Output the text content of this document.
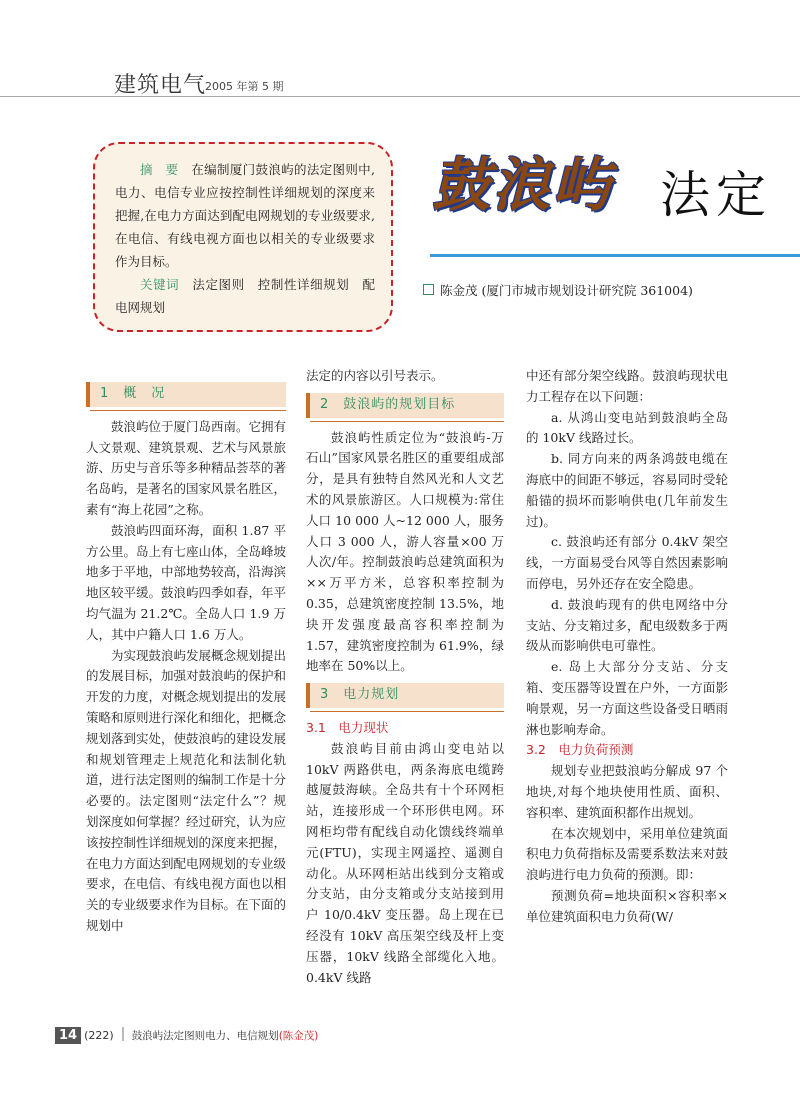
建筑电气
2005 年第 5 期
摘　要　 在编制厦门鼓浪屿的法定图则中,电力、电信专业应按控制性详细规划的深度来把握,在电力方面达到配电网规划的专业级要求,在电信、有线电视方面也以相关的专业级要求作为目标。
关键词　 法定图则　控制性详细规划　配电网规划
鼓浪屿 法定
陈金茂 (厦门市城市规划设计研究院 361004)
1　概　况

鼓浪屿位于厦门岛西南。它拥有人文景观、建筑景观、艺术与风景旅游、历史与音乐等多种精品荟萃的著名岛屿，是著名的国家风景名胜区，素有“海上花园”之称。

鼓浪屿四面环海，面积 1.87 平方公里。岛上有七座山体，全岛峰坡地多于平地，中部地势较高，沿海滨地区较平缓。鼓浪屿四季如春，年平均气温为 21.2℃。全岛人口 1.9 万人，其中户籍人口 1.6 万人。

为实现鼓浪屿发展概念规划提出的发展目标，加强对鼓浪屿的保护和开发的力度，对概念规划提出的发展策略和原则进行深化和细化，把概念规划落到实处，使鼓浪屿的建设发展和规划管理走上规范化和法制化轨道，进行法定图则的编制工作是十分必要的。法定图则“法定什么”？规划深度如何掌握？经过研究，认为应该按控制性详细规划的深度来把握，在电力方面达到配电网规划的专业级要求，在电信、有线电视方面也以相关的专业级要求作为目标。在下面的规划中

法定的内容以引号表示。

2　鼓浪屿的规划目标

鼓浪屿性质定位为“鼓浪屿-万石山”国家风景名胜区的重要组成部分，是具有独特自然风光和人文艺术的风景旅游区。人口规模为:常住人口 10 000 人~12 000 人，服务人口 3 000 人，游人容量×00 万人次/年。控制鼓浪屿总建筑面积为××万平方米，总容积率控制为 0.35，总建筑密度控制 13.5%，地块开发强度最高容积率控制为 1.57，建筑密度控制为 61.9%，绿地率在 50%以上。

3　电力规划

3.1　电力现状

鼓浪屿目前由鸿山变电站以 10kV 两路供电，两条海底电缆跨越厦鼓海峡。全岛共有十个环网柜站，连接形成一个环形供电网。环网柜均带有配线自动化馈线终端单元(FTU)，实现主网遥控、遥测自动化。从环网柜站出线到分支箱或分支站，由分支箱或分支站接到用户 10/0.4kV 变压器。岛上现在已经没有 10kV 高压架空线及杆上变压器，10kV 线路全部缆化入地。0.4kV 线路

中还有部分架空线路。鼓浪屿现状电力工程存在以下问题：

a. 从鸿山变电站到鼓浪屿全岛的 10kV 线路过长。

b. 同方向来的两条鸿鼓电缆在海底中的间距不够远，容易同时受轮船锚的损坏而影响供电(几年前发生过)。

c. 鼓浪屿还有部分 0.4kV 架空线，一方面易受台风等自然因素影响而停电，另外还存在安全隐患。

d. 鼓浪屿现有的供电网络中分支站、分支箱过多，配电级数多于两级从而影响供电可靠性。

e. 岛上大部分分支站、分支箱、变压器等设置在户外，一方面影响景观，另一方面这些设备受日晒雨淋也影响寿命。

3.2　电力负荷预测

规划专业把鼓浪屿分解成 97 个地块,对每个地块使用性质、面积、容积率、建筑面积都作出规划。

在本次规划中，采用单位建筑面积电力负荷指标及需要系数法来对鼓浪屿进行电力负荷的预测。即：

预测负荷=地块面积×容积率×单位建筑面积电力负荷(W/

14 (222) 鼓浪屿法定图则电力、电信规划(陈金茂)
